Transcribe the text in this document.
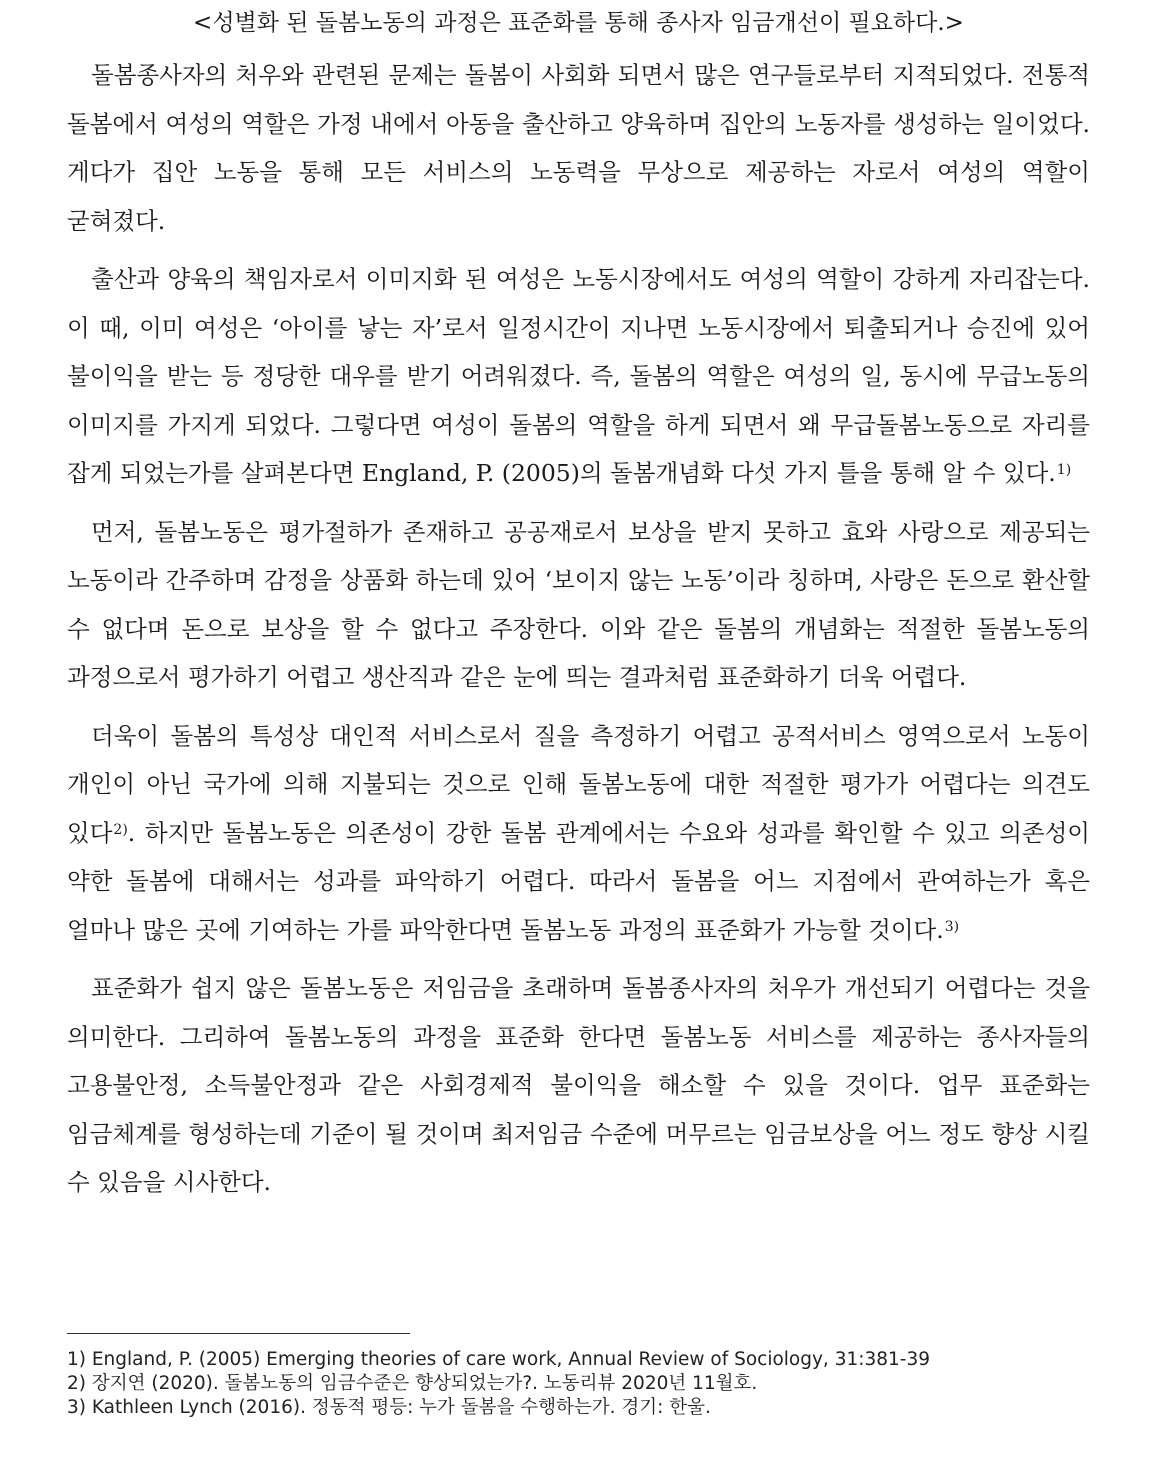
<성별화 된 돌봄노동의 과정은 표준화를 통해 종사자 임금개선이 필요하다.>

돌봄종사자의 처우와 관련된 문제는 돌봄이 사회화 되면서 많은 연구들로부터 지적되었다. 전통적 돌봄에서 여성의 역할은 가정 내에서 아동을 출산하고 양육하며 집안의 노동자를 생성하는 일이었다. 게다가 집안 노동을 통해 모든 서비스의 노동력을 무상으로 제공하는 자로서 여성의 역할이 굳혀졌다.

출산과 양육의 책임자로서 이미지화 된 여성은 노동시장에서도 여성의 역할이 강하게 자리잡는다. 이 때, 이미 여성은 ‘아이를 낳는 자’로서 일정시간이 지나면 노동시장에서 퇴출되거나 승진에 있어 불이익을 받는 등 정당한 대우를 받기 어려워졌다. 즉, 돌봄의 역할은 여성의 일, 동시에 무급노동의 이미지를 가지게 되었다. 그렇다면 여성이 돌봄의 역할을 하게 되면서 왜 무급돌봄노동으로 자리를 잡게 되었는가를 살펴본다면 England, P. (2005)의 돌봄개념화 다섯 가지 틀을 통해 알 수 있다.$^{1)}$

먼저, 돌봄노동은 평가절하가 존재하고 공공재로서 보상을 받지 못하고 효와 사랑으로 제공되는 노동이라 간주하며 감정을 상품화 하는데 있어 ‘보이지 않는 노동’이라 칭하며, 사랑은 돈으로 환산할 수 없다며 돈으로 보상을 할 수 없다고 주장한다. 이와 같은 돌봄의 개념화는 적절한 돌봄노동의 과정으로서 평가하기 어렵고 생산직과 같은 눈에 띄는 결과처럼 표준화하기 더욱 어렵다.

더욱이 돌봄의 특성상 대인적 서비스로서 질을 측정하기 어렵고 공적서비스 영역으로서 노동이 개인이 아닌 국가에 의해 지불되는 것으로 인해 돌봄노동에 대한 적절한 평가가 어렵다는 의견도 있다$^{2)}$. 하지만 돌봄노동은 의존성이 강한 돌봄 관계에서는 수요와 성과를 확인할 수 있고 의존성이 약한 돌봄에 대해서는 성과를 파악하기 어렵다. 따라서 돌봄을 어느 지점에서 관여하는가 혹은 얼마나 많은 곳에 기여하는 가를 파악한다면 돌봄노동 과정의 표준화가 가능할 것이다.$^{3)}$

표준화가 쉽지 않은 돌봄노동은 저임금을 초래하며 돌봄종사자의 처우가 개선되기 어렵다는 것을 의미한다. 그리하여 돌봄노동의 과정을 표준화 한다면 돌봄노동 서비스를 제공하는 종사자들의 고용불안정, 소득불안정과 같은 사회경제적 불이익을 해소할 수 있을 것이다. 업무 표준화는 임금체계를 형성하는데 기준이 될 것이며 최저임금 수준에 머무르는 임금보상을 어느 정도 향상 시킬 수 있음을 시사한다.

1) England, P. (2005) Emerging theories of care work, Annual Review of Sociology, 31:381-39
2) 장지연 (2020). 돌봄노동의 임금수준은 향상되었는가?. 노동리뷰 2020년 11월호.
3) Kathleen Lynch (2016). 정동적 평등: 누가 돌봄을 수행하는가. 경기: 한울.
